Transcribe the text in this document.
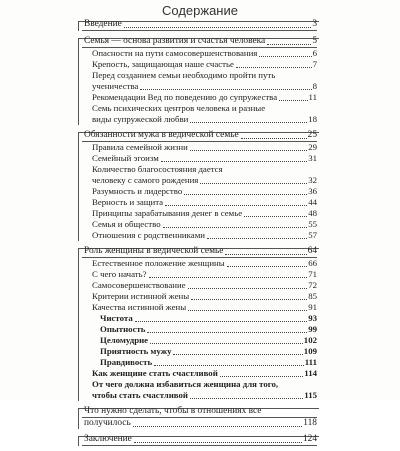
Содержание
Введение	3
Семья — основа развития и счастья человека	5
Опасности на пути самосовершенствования	6
Крепость, защищающая наше счастье	7
Перед созданием семьи необходимо пройти путь
ученичества	8
Рекомендации Вед по поведению до супружества	11
Семь психических центров человека и разные
виды супружеской любви	18
Обязанности мужа в ведической семье	25
Правила семейной жизни	29
Семейный эгоизм	31
Количество благосостояния дается
человеку с самого рождения	32
Разумность и лидерство	36
Верность и защита	44
Принципы зарабатывания денег в семье	48
Семья и общество	55
Отношения с родственниками	57
Роль женщины в ведической семье	64
Естественное положение женщины	66
С чего начать?	71
Самосовершенствование	72
Критерии истинной жены	85
Качества истинной жены	91
Чистота	93
Опытность	99
Целомудрие	102
Приятность мужу	109
Правдивость	111
Как женщине стать счастливой	114
От чего должна избавиться женщина для того,
чтобы стать счастливой	115
Что нужно сделать, чтобы в отношениях все
получилось	118
Заключение	124
